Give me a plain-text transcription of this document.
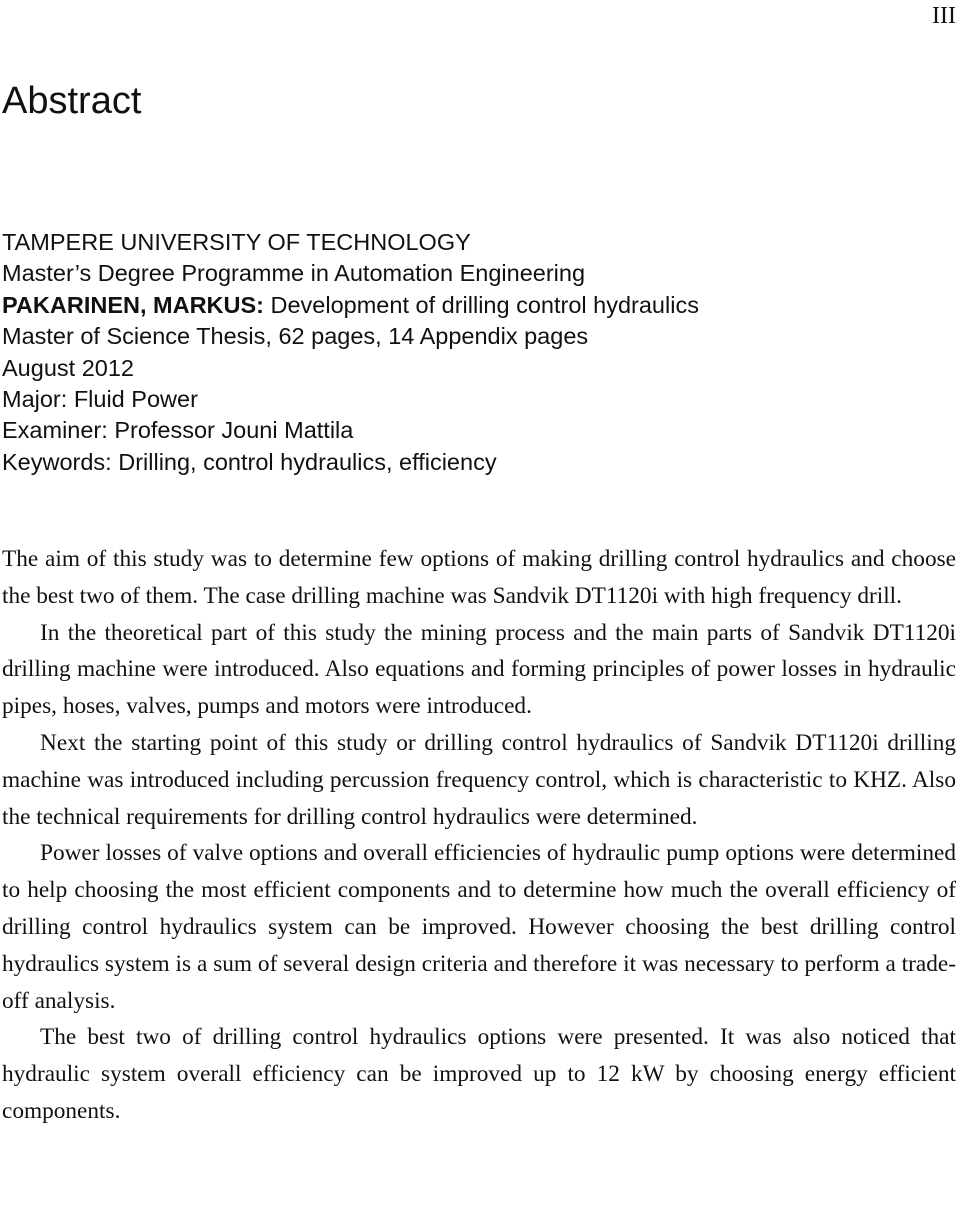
III
Abstract
TAMPERE UNIVERSITY OF TECHNOLOGY
Master’s Degree Programme in Automation Engineering
PAKARINEN, MARKUS: Development of drilling control hydraulics
Master of Science Thesis, 62 pages, 14 Appendix pages
August 2012
Major: Fluid Power
Examiner: Professor Jouni Mattila
Keywords: Drilling, control hydraulics, efficiency

The aim of this study was to determine few options of making drilling control hydraulics and choose the best two of them. The case drilling machine was Sandvik DT1120i with high frequency drill.

In the theoretical part of this study the mining process and the main parts of Sandvik DT1120i drilling machine were introduced. Also equations and forming principles of power losses in hydraulic pipes, hoses, valves, pumps and motors were introduced.

Next the starting point of this study or drilling control hydraulics of Sandvik DT1120i drilling machine was introduced including percussion frequency control, which is characteristic to KHZ. Also the technical requirements for drilling control hydraulics were determined.

Power losses of valve options and overall efficiencies of hydraulic pump options were determined to help choosing the most efficient components and to determine how much the overall efficiency of drilling control hydraulics system can be improved. However choosing the best drilling control hydraulics system is a sum of several design criteria and therefore it was necessary to perform a trade-off analysis.

The best two of drilling control hydraulics options were presented. It was also noticed that hydraulic system overall efficiency can be improved up to 12 kW by choosing energy efficient components.
